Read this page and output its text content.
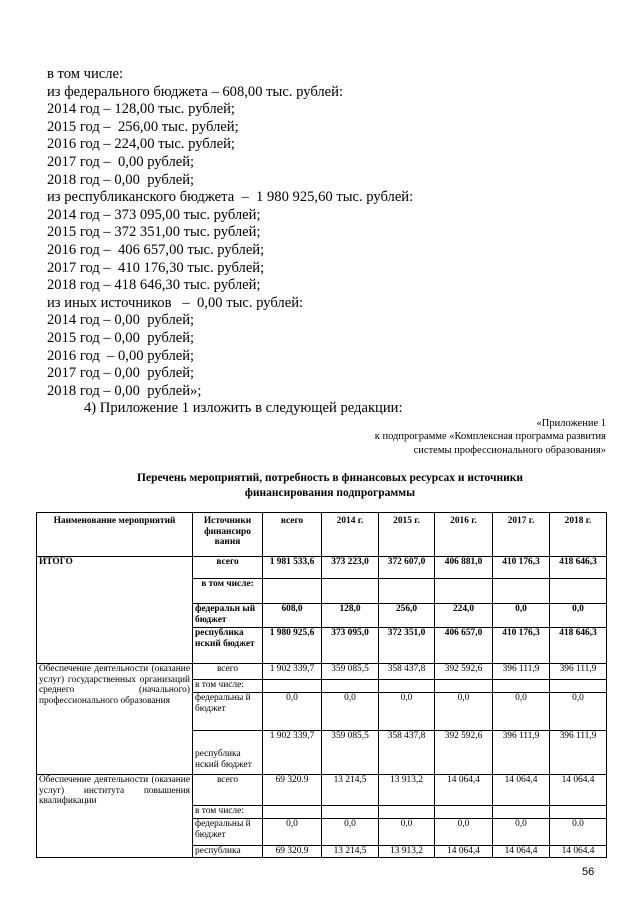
в том числе:
из федерального бюджета – 608,00 тыс. рублей:
2014 год – 128,00 тыс. рублей;
2015 год –  256,00 тыс. рублей;
2016 год – 224,00 тыс. рублей;
2017 год –  0,00 рублей;
2018 год – 0,00  рублей;
из республиканского бюджета  –  1 980 925,60 тыс. рублей:
2014 год – 373 095,00 тыс. рублей;
2015 год – 372 351,00 тыс. рублей;
2016 год –  406 657,00 тыс. рублей;
2017 год –  410 176,30 тыс. рублей;
2018 год – 418 646,30 тыс. рублей;
из иных источников   –  0,00 тыс. рублей:
2014 год – 0,00  рублей;
2015 год – 0,00  рублей;
2016 год  – 0,00 рублей;
2017 год – 0,00  рублей;
2018 год – 0,00  рублей»;
4) Приложение 1 изложить в следующей редакции:
«Приложение 1
к подпрограмме «Комплексная программа развития
системы профессионального образования»
Перечень мероприятий, потребность в финансовых ресурсах и источники
финансирования подпрограммы
Наименование мероприятий	Источники финансиро вания	всего	2014 г.	2015 г.	2016 г.	2017 г.	2018 г.
ИТОГО	всего	1 981 533,6	373 223,0	372 607,0	406 881,0	410 176,3	418 646,3
	в том числе:						
	федеральн ый бюджет	608,0	128,0	256,0	224,0	0,0	0,0
	республика нский бюджет	1 980 925,6	373 095,0	372 351,0	406 657,0	410 176,3	418 646,3
Обеспечение деятельности (оказание услуг) государственных организаций среднего (начального) профессионального образования	всего	1 902 339,7	359 085,5	358 437,8	392 592,6	396 111,9	396 111,9
	в том числе:						
	федеральны й бюджет	0,0	0,0	0,0	0,0	0,0	0,0
	республика нский бюджет	1 902 339,7	359 085,5	358 437,8	392 592,6	396 111,9	396 111,9
Обеспечение деятельности (оказание услуг) института повышения квалификации	всего	69 320.9	13 214,5	13 913,2	14 064,4	14 064,4	14 064.4
	в том числе:						
	федеральны й бюджет	0,0	0,0	0,0	0,0	0,0	0.0
	республика	69 320.9	13 214,5	13 913,2	14 064,4	14 064,4	14 064.4
56
